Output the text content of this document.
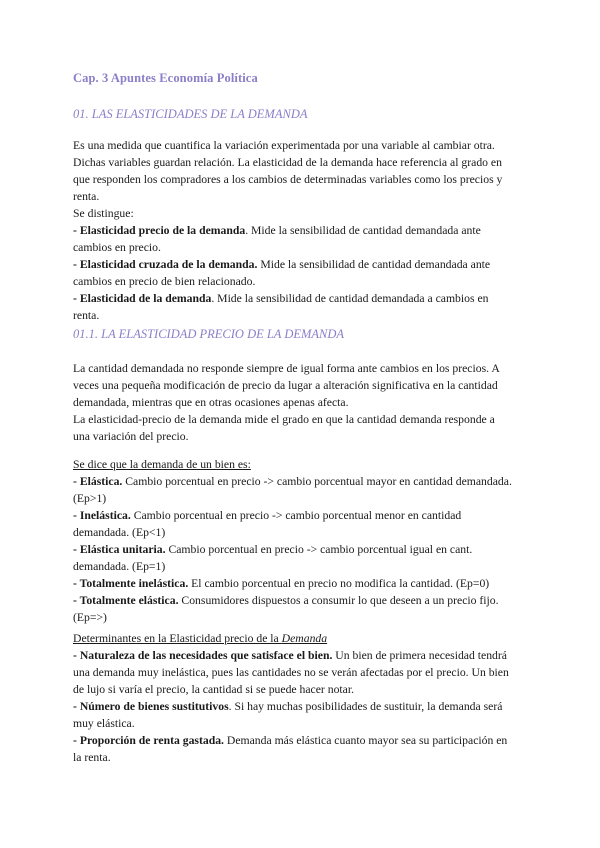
Cap. 3 Apuntes Economía Política
01. LAS ELASTICIDADES DE LA DEMANDA
Es una medida que cuantifica la variación experimentada por una variable al cambiar otra.
Dichas variables guardan relación. La elasticidad de la demanda hace referencia al grado en
que responden los compradores a los cambios de determinadas variables como los precios y
renta.
Se distingue:
- Elasticidad precio de la demanda. Mide la sensibilidad de cantidad demandada ante
cambios en precio.
- Elasticidad cruzada de la demanda. Mide la sensibilidad de cantidad demandada ante
cambios en precio de bien relacionado.
- Elasticidad de la demanda. Mide la sensibilidad de cantidad demandada a cambios en
renta.
01.1. LA ELASTICIDAD PRECIO DE LA DEMANDA
La cantidad demandada no responde siempre de igual forma ante cambios en los precios. A
veces una pequeña modificación de precio da lugar a alteración significativa en la cantidad
demandada, mientras que en otras ocasiones apenas afecta.
La elasticidad-precio de la demanda mide el grado en que la cantidad demanda responde a
una variación del precio.
Se dice que la demanda de un bien es:
- Elástica. Cambio porcentual en precio -> cambio porcentual mayor en cantidad demandada.
(Ep>1)
- Inelástica. Cambio porcentual en precio -> cambio porcentual menor en cantidad
demandada. (Ep<1)
- Elástica unitaria. Cambio porcentual en precio -> cambio porcentual igual en cant.
demandada. (Ep=1)
- Totalmente inelástica. El cambio porcentual en precio no modifica la cantidad. (Ep=0)
- Totalmente elástica. Consumidores dispuestos a consumir lo que deseen a un precio fijo.
(Ep=>)
Determinantes en la Elasticidad precio de la Demanda
- Naturaleza de las necesidades que satisface el bien. Un bien de primera necesidad tendrá
una demanda muy inelástica, pues las cantidades no se verán afectadas por el precio. Un bien
de lujo si varía el precio, la cantidad si se puede hacer notar.
- Número de bienes sustitutivos. Si hay muchas posibilidades de sustituir, la demanda será
muy elástica.
- Proporción de renta gastada. Demanda más elástica cuanto mayor sea su participación en
la renta.
